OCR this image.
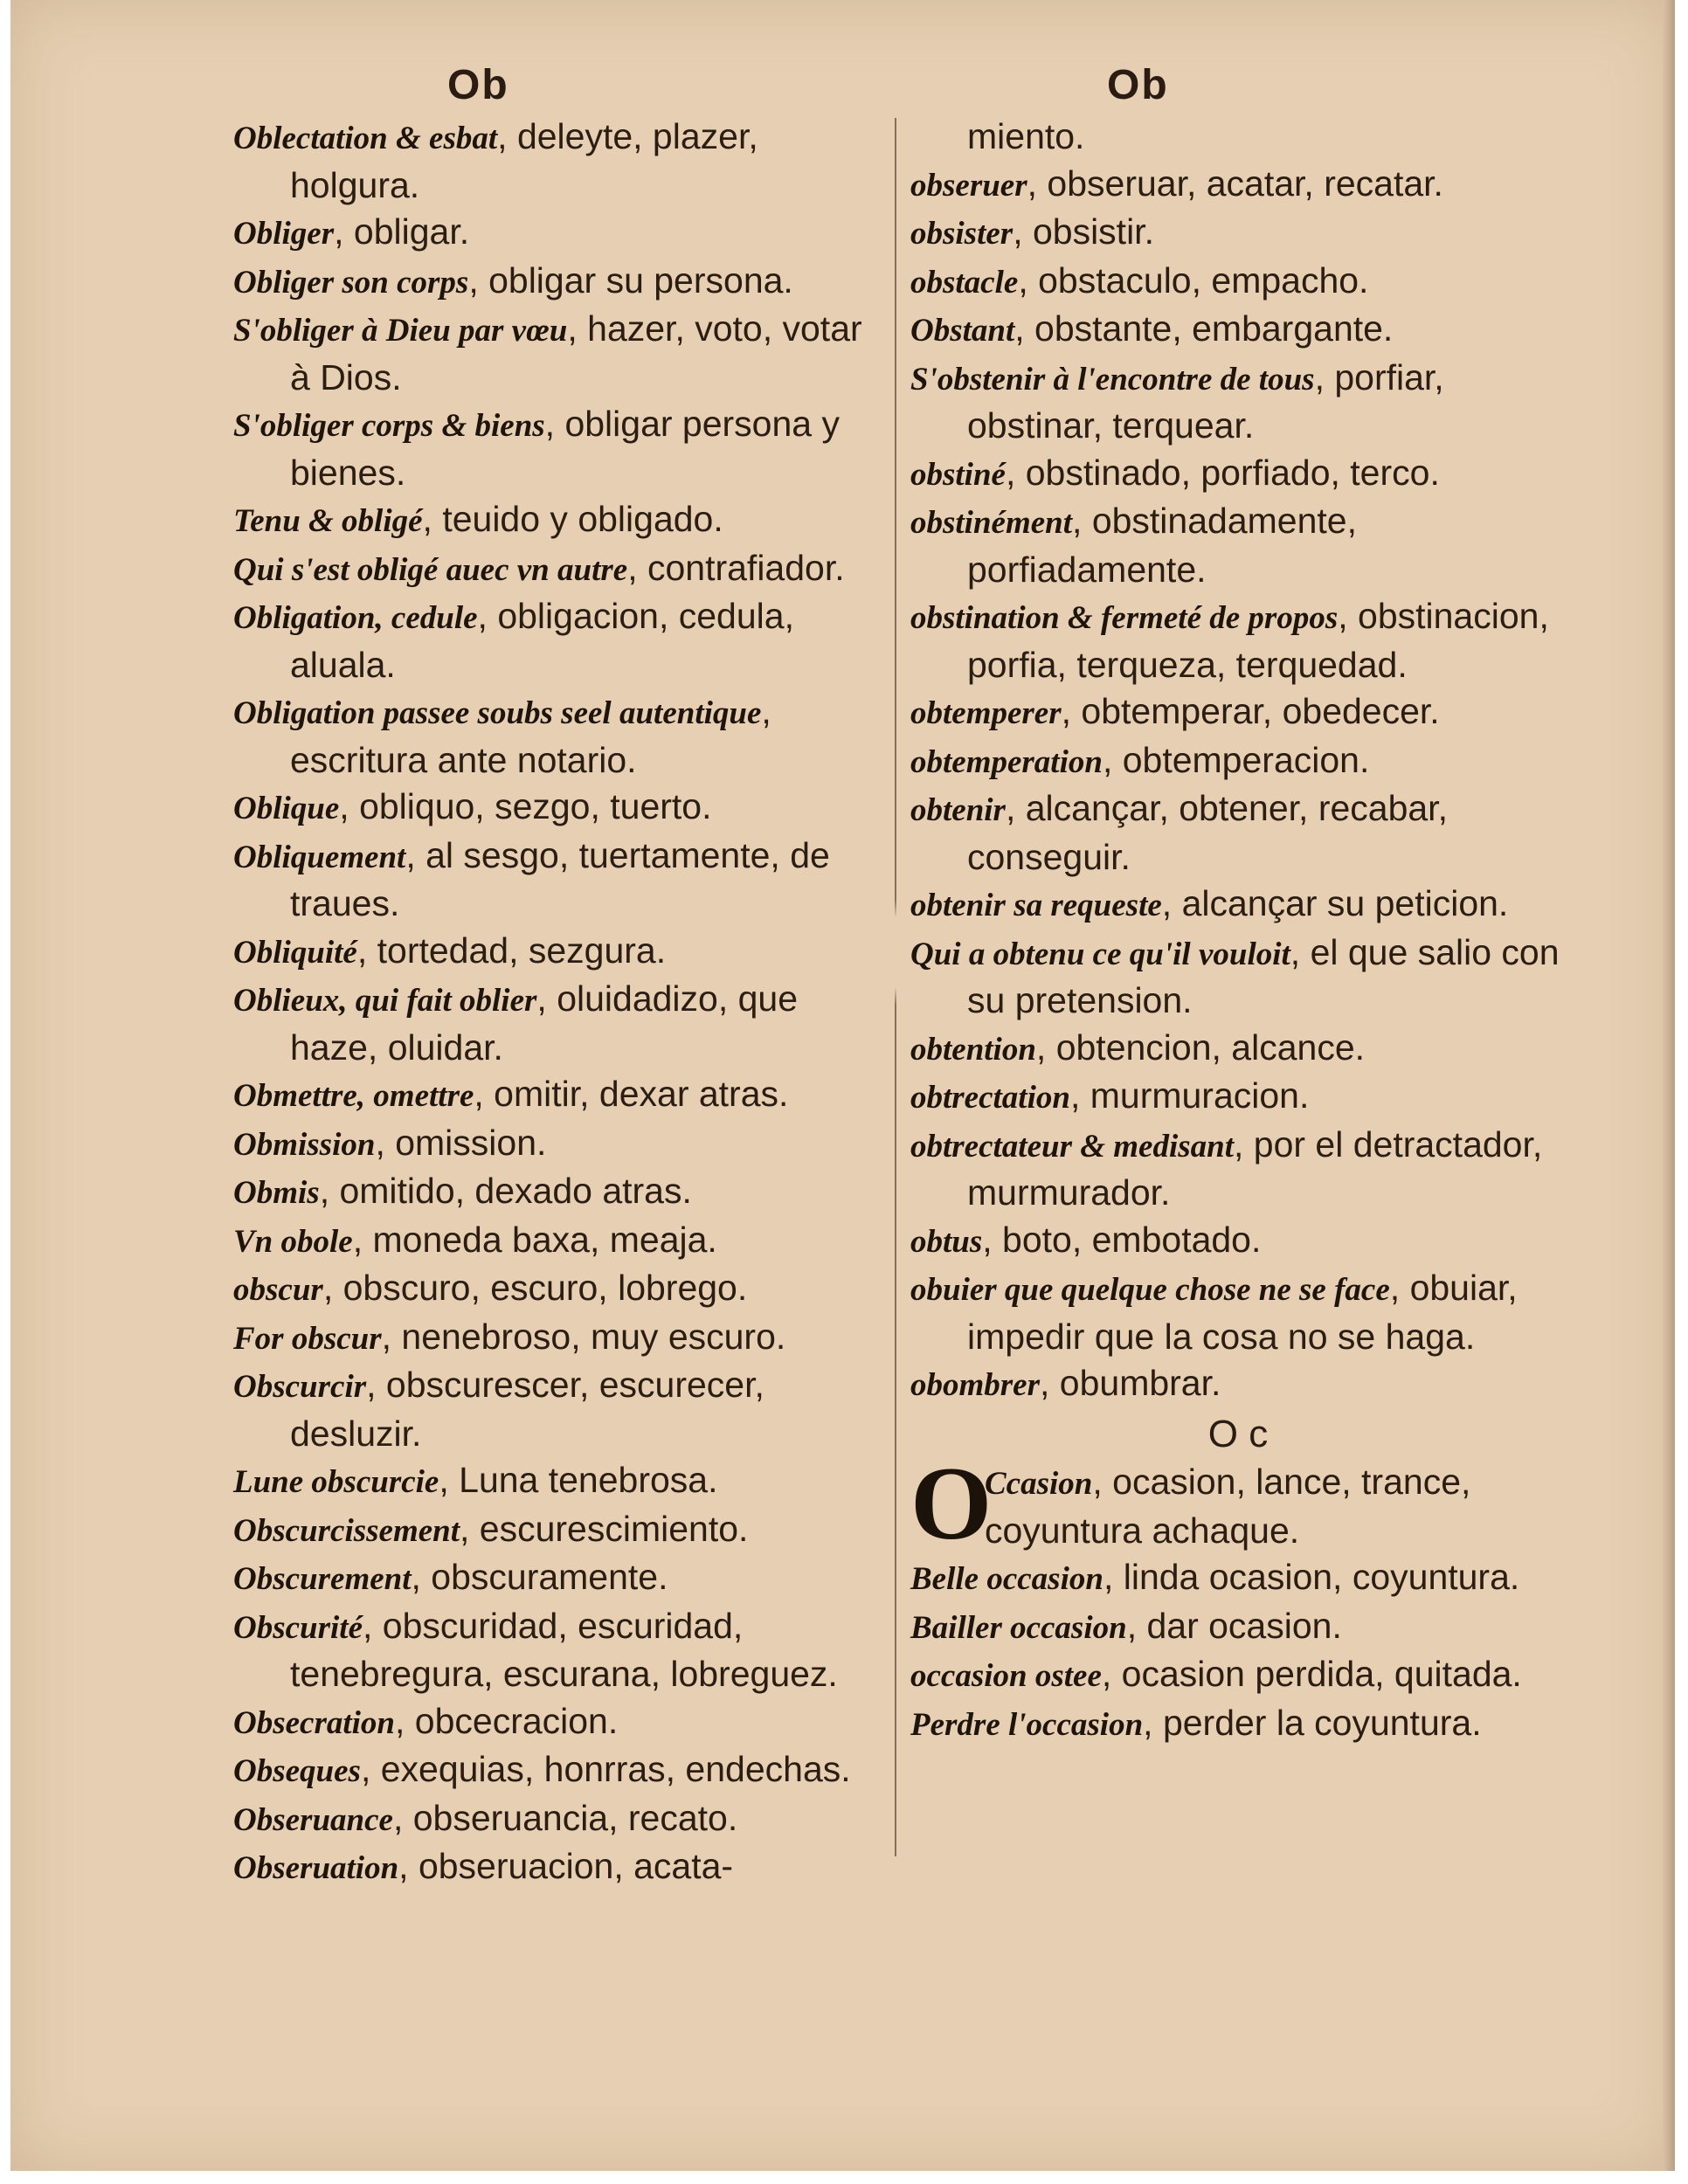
Ob	Ob

Oblectation & esbat, deleyte, plazer, holgura.

Obliger, obligar.

Obliger son corps, obligar su persona.

S'obliger à Dieu par vœu, hazer, voto, votar à Dios.

S'obliger corps & biens, obligar persona y bienes.

Tenu & obligé, teuido y obligado.

Qui s'est obligé auec vn autre, contrafiador.

Obligation, cedule, obligacion, cedula, aluala.

Obligation passee soubs seel autentique, escritura ante notario.

Oblique, obliquo, sezgo, tuerto.

Obliquement, al sesgo, tuertamente, de traues.

Obliquité, tortedad, sezgura.

Oblieux, qui fait oblier, oluidadizo, que haze, oluidar.

Obmettre, omettre, omitir, dexar atras.

Obmission, omission.

Obmis, omitido, dexado atras.

Vn obole, moneda baxa, meaja.

obscur, obscuro, escuro, lobrego.

For obscur, nenebroso, muy escuro.

Obscurcir, obscurescer, escurecer, desluzir.

Lune obscurcie, Luna tenebrosa.

Obscurcissement, escurescimiento.

Obscurement, obscuramente.

Obscurité, obscuridad, escuridad, tenebregura, escurana, lobreguez.

Obsecration, obcecracion.

Obseques, exequias, honrras, endechas.

Obseruance, obseruancia, recato.

Obseruation, obseruacion, acata-

miento.

obseruer, obseruar, acatar, recatar.

obsister, obsistir.

obstacle, obstaculo, empacho.

Obstant, obstante, embargante.

S'obstenir à l'encontre de tous, porfiar, obstinar, terquear.

obstiné, obstinado, porfiado, terco.

obstinément, obstinadamente, porfiadamente.

obstination & fermeté de propos, obstinacion, porfia, terqueza, terquedad.

obtemperer, obtemperar, obedecer.

obtemperation, obtemperacion.

obtenir, alcançar, obtener, recabar, conseguir.

obtenir sa requeste, alcançar su peticion.

Qui a obtenu ce qu'il vouloit, el que salio con su pretension.

obtention, obtencion, alcance.

obtrectation, murmuracion.

obtrectateur & medisant, por el detractador, murmurador.

obtus, boto, embotado.

obuier que quelque chose ne se face, obuiar, impedir que la cosa no se haga.

obombrer, obumbrar.

O c

O
Ccasion, ocasion, lance, trance, coyuntura achaque.

Belle occasion, linda ocasion, coyuntura.

Bailler occasion, dar ocasion.

occasion ostee, ocasion perdida, quitada.

Perdre l'occasion, perder la coyuntura.
